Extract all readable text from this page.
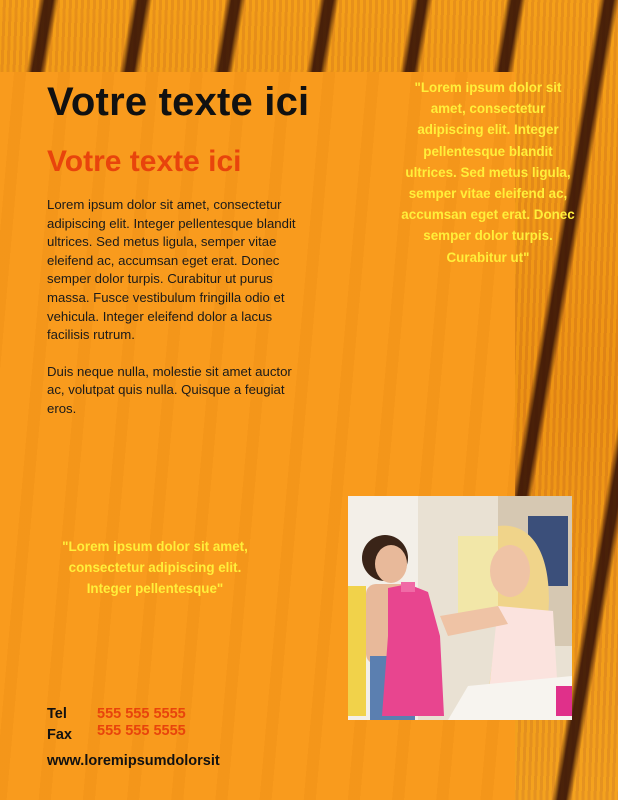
Votre texte ici
Votre texte ici

Lorem ipsum dolor sit amet, consectetur adipiscing elit. Integer pellentesque blandit ultrices. Sed metus ligula, semper vitae eleifend ac, accumsan eget erat. Donec semper dolor turpis. Curabitur ut purus massa. Fusce vestibulum fringilla odio et vehicula. Integer eleifend dolor a lacus facilisis rutrum.

Duis neque nulla, molestie sit amet auctor ac, volutpat quis nulla. Quisque a feugiat eros.

"Lorem ipsum dolor sit amet, consectetur adipiscing elit. Integer pellentesque blandit ultrices. Sed metus ligula, semper vitae eleifend ac, accumsan eget erat. Donec semper dolor turpis. Curabitur ut"
"Lorem ipsum dolor sit amet, consectetur adipiscing elit. Integer pellentesque"
Tel 555 555 5555
Fax 555 555 5555
www.loremipsumdolorsit
